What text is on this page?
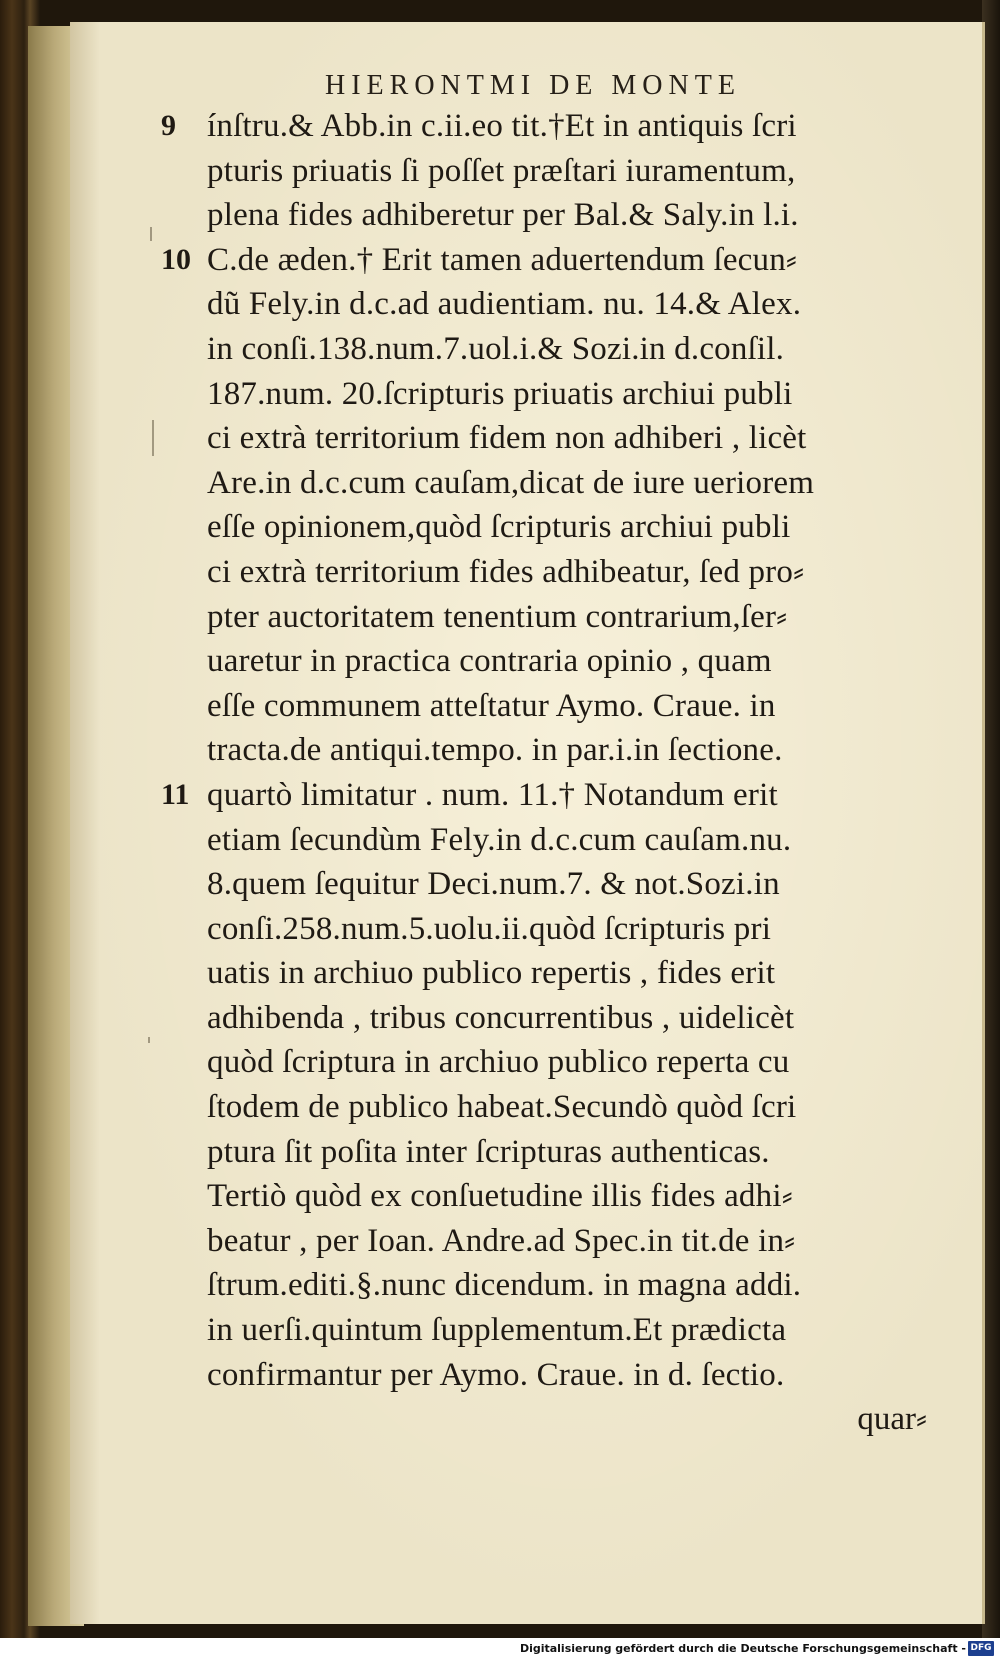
HIERONTMI DE MONTE
9 ínſtru.& Abb.in c.ii.eo tit.†Et in antiquis ſcri
pturis priuatis ſi poſſet præſtari iuramentum,
plena fides adhiberetur per Bal.& Saly.in l.i.
10 C.de æden.† Erit tamen aduertendum ſecun⸗
dũ Fely.in d.c.ad audientiam. nu. 14.& Alex.
in conſi.138.num.7.uol.i.& Sozi.in d.conſil.
187.num. 20.ſcripturis priuatis archiui publi
ci extrà territorium fidem non adhiberi , licèt
Are.in d.c.cum cauſam,dicat de iure ueriorem
eſſe opinionem,quòd ſcripturis archiui publi
ci extrà territorium fides adhibeatur, ſed pro⸗
pter auctoritatem tenentium contrarium,ſer⸗
uaretur in practica contraria opinio , quam
eſſe communem atteſtatur Aymo. Craue. in
tracta.de antiqui.tempo. in par.i.in ſectione.
11 quartò limitatur . num. 11.† Notandum erit
etiam ſecundùm Fely.in d.c.cum cauſam.nu.
8.quem ſequitur Deci.num.7. & not.Sozi.in
conſi.258.num.5.uolu.ii.quòd ſcripturis pri
uatis in archiuo publico repertis , fides erit
adhibenda , tribus concurrentibus , uidelicèt
quòd ſcriptura in archiuo publico reperta cu
ſtodem de publico habeat.Secundò quòd ſcri
ptura ſit poſita inter ſcripturas authenticas.
Tertiò quòd ex conſuetudine illis fides adhi⸗
beatur , per Ioan. Andre.ad Spec.in tit.de in⸗
ſtrum.editi.§.nunc dicendum. in magna addi.
in uerſi.quintum ſupplementum.Et prædicta
confirmantur per Aymo. Craue. in d. ſectio.
quar⸗
Digitalisierung gefördert durch die Deutsche Forschungsgemeinschaft - DFG
